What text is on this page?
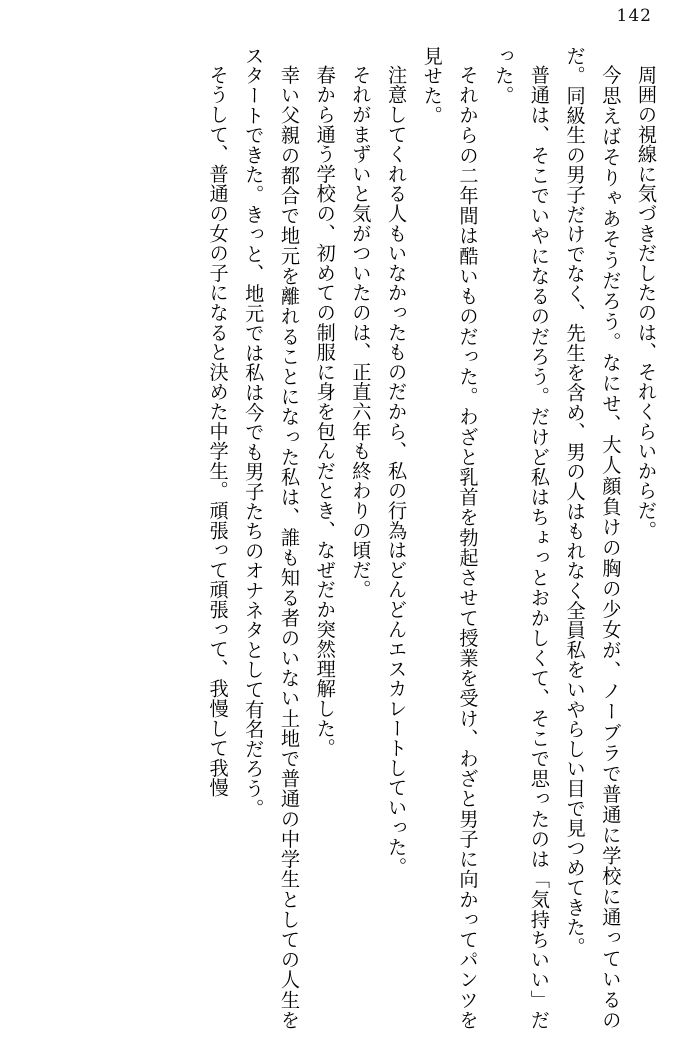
142

周囲の視線に気づきだしたのは、それくらいからだ。

今思えばそりゃあそうだろう。なにせ、大人顔負けの胸の少女が、ノーブラで普通に学校に通っているのだ。同級生の男子だけでなく、先生を含め、男の人はもれなく全員私をいやらしい目で見つめてきた。

普通は、そこでいやになるのだろう。だけど私はちょっとおかしくて、そこで思ったのは「気持ちいい」だった。

それからの二年間は酷いものだった。わざと乳首を勃起させて授業を受け、わざと男子に向かってパンツを見せた。

注意してくれる人もいなかったものだから、私の行為はどんどんエスカレートしていった。

それがまずいと気がついたのは、正直六年も終わりの頃だ。

春から通う学校の、初めての制服に身を包んだとき、なぜだか突然理解した。

幸い父親の都合で地元を離れることになった私は、誰も知る者のいない土地で普通の中学生としての人生をスタートできた。きっと、地元では私は今でも男子たちのオナネタとして有名だろう。

そうして、普通の女の子になると決めた中学生。頑張って頑張って、我慢して我慢
